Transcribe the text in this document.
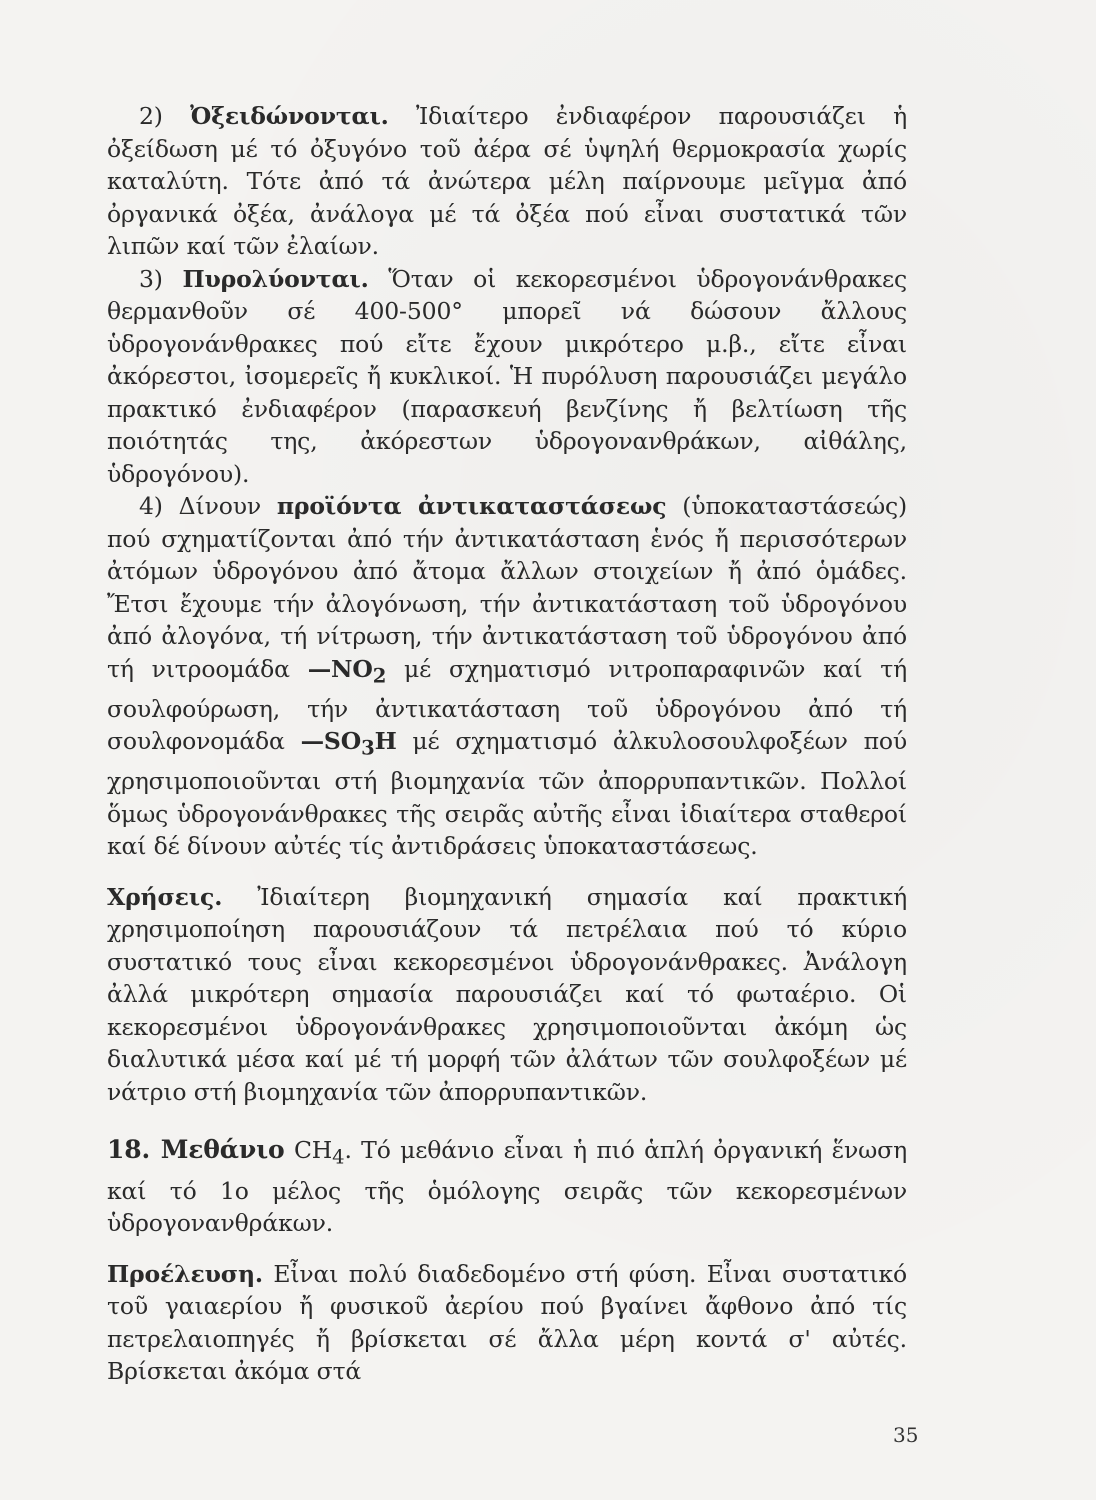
2) Ὀξειδώνονται. Ἰδιαίτερο ἐνδιαφέρον παρουσιάζει ἡ ὀξείδωση μέ τό ὀξυγόνο τοῦ ἀέρα σέ ὑψηλή θερμοκρασία χωρίς καταλύτη. Τότε ἀπό τά ἀνώτερα μέλη παίρνουμε μεῖγμα ἀπό ὀργανικά ὀξέα, ἀνάλογα μέ τά ὀξέα πού εἶναι συστατικά τῶν λιπῶν καί τῶν ἐλαίων.

3) Πυρολύονται. Ὅταν οἱ κεκορεσμένοι ὑδρογονάνθρακες θερμανθοῦν σέ 400-500° μπορεῖ νά δώσουν ἄλλους ὑδρογονάνθρακες πού εἴτε ἔχουν μικρότερο μ.β., εἴτε εἶναι ἀκόρεστοι, ἰσομερεῖς ἤ κυκλικοί. Ἡ πυρόλυση παρουσιάζει μεγάλο πρακτικό ἐνδιαφέρον (παρασκευή βενζίνης ἤ βελτίωση τῆς ποιότητάς της, ἀκόρεστων ὑδρογονανθράκων, αἰθάλης, ὑδρογόνου).

4) Δίνουν προϊόντα ἀντικαταστάσεως (ὑποκαταστάσεώς) πού σχηματίζονται ἀπό τήν ἀντικατάσταση ἑνός ἤ περισσότερων ἀτόμων ὑδρογόνου ἀπό ἄτομα ἄλλων στοιχείων ἤ ἀπό ὁμάδες. Ἔτσι ἔχουμε τήν ἀλογόνωση, τήν ἀντικατάσταση τοῦ ὑδρογόνου ἀπό ἀλογόνα, τή νίτρωση, τήν ἀντικατάσταση τοῦ ὑδρογόνου ἀπό τή νιτροομάδα $—NO_2$ μέ σχηματισμό νιτροπαραφινῶν καί τή σουλφούρωση, τήν ἀντικατάσταση τοῦ ὑδρογόνου ἀπό τή σουλφονομάδα $—SO_3H$ μέ σχηματισμό ἀλκυλοσουλφοξέων πού χρησιμοποιοῦνται στή βιομηχανία τῶν ἀπορρυπαντικῶν. Πολλοί ὅμως ὑδρογονάνθρακες τῆς σειρᾶς αὐτῆς εἶναι ἰδιαίτερα σταθεροί καί δέ δίνουν αὐτές τίς ἀντιδράσεις ὑποκαταστάσεως.

Χρήσεις. Ἰδιαίτερη βιομηχανική σημασία καί πρακτική χρησιμοποίηση παρουσιάζουν τά πετρέλαια πού τό κύριο συστατικό τους εἶναι κεκορεσμένοι ὑδρογονάνθρακες. Ἀνάλογη ἀλλά μικρότερη σημασία παρουσιάζει καί τό φωταέριο. Οἱ κεκορεσμένοι ὑδρογονάνθρακες χρησιμοποιοῦνται ἀκόμη ὡς διαλυτικά μέσα καί μέ τή μορφή τῶν ἀλάτων τῶν σουλφοξέων μέ νάτριο στή βιομηχανία τῶν ἀπορρυπαντικῶν.

18. Μεθάνιο $CH_4$. Τό μεθάνιο εἶναι ἡ πιό ἁπλή ὀργανική ἕνωση καί τό 1ο μέλος τῆς ὁμόλογης σειρᾶς τῶν κεκορεσμένων ὑδρογονανθράκων.

Προέλευση. Εἶναι πολύ διαδεδομένο στή φύση. Εἶναι συστατικό τοῦ γαιαερίου ἤ φυσικοῦ ἀερίου πού βγαίνει ἄφθονο ἀπό τίς πετρελαιοπηγές ἤ βρίσκεται σέ ἄλλα μέρη κοντά σ' αὐτές. Βρίσκεται ἀκόμα στά

35
